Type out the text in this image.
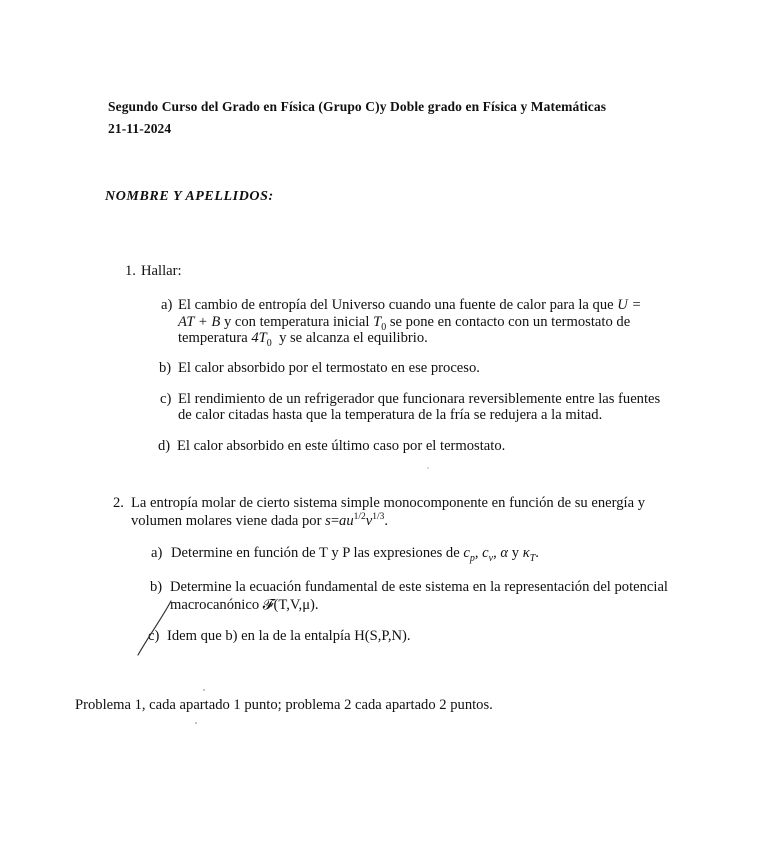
Segundo Curso del Grado en Física (Grupo C)y Doble grado en Física y Matemáticas
21-11-2024
NOMBRE Y APELLIDOS:
1. Hallar:
a) El cambio de entropía del Universo cuando una fuente de calor para la que U =
AT + B y con temperatura inicial $T_0$ se pone en contacto con un termostato de
temperatura $4T_0$ y se alcanza el equilibrio.
b) El calor absorbido por el termostato en ese proceso.
c) El rendimiento de un refrigerador que funcionara reversiblemente entre las fuentes
de calor citadas hasta que la temperatura de la fría se redujera a la mitad.
d) El calor absorbido en este último caso por el termostato.
2. La entropía molar de cierto sistema simple monocomponente en función de su energía y
volumen molares viene dada por $s=au^{1/2}v^{1/3}$.
a) Determine en función de T y P las expresiones de $c_p$, $c_v$, α y $\kappa_T$.
b) Determine la ecuación fundamental de este sistema en la representación del potencial
macrocanónico 𝓕(T,V,μ).
c) Idem que b) en la de la entalpía H(S,P,N).
Problema 1, cada apartado 1 punto; problema 2 cada apartado 2 puntos.
